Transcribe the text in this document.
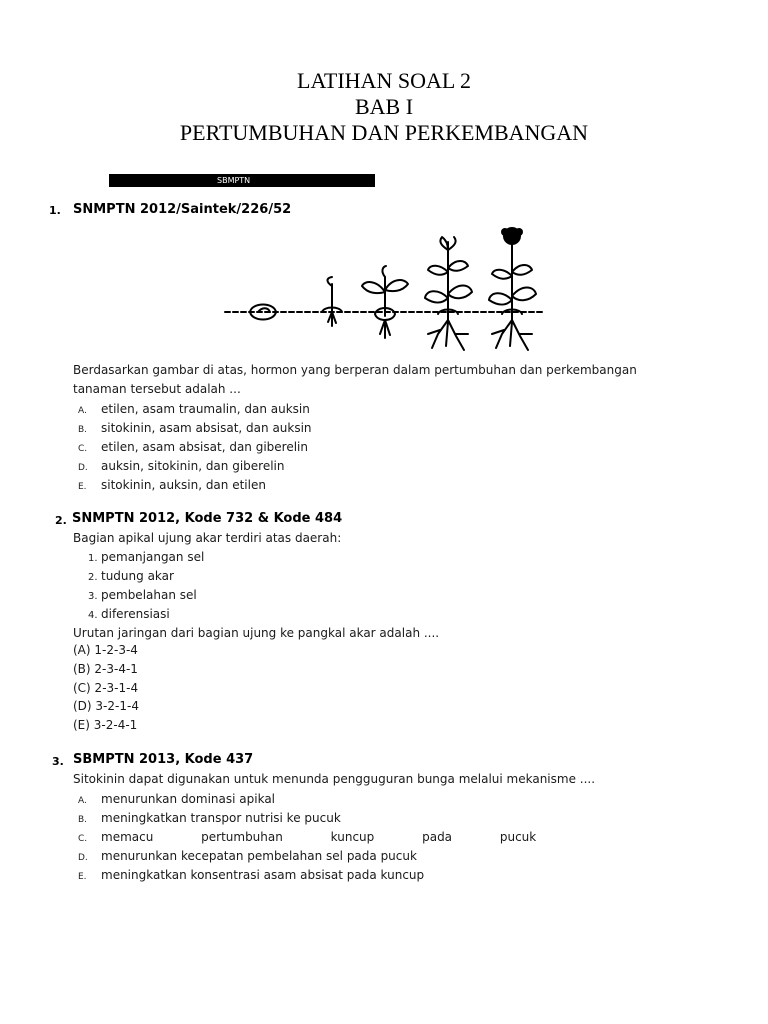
LATIHAN SOAL 2
BAB I
PERTUMBUHAN DAN PERKEMBANGAN
SBMPTN
1. SNMPTN 2012/Saintek/226/52
Berdasarkan gambar di atas, hormon yang berperan dalam pertumbuhan dan perkembangan
tanaman tersebut adalah ...
A. etilen, asam traumalin, dan auksin
B. sitokinin, asam absisat, dan auksin
C. etilen, asam absisat, dan giberelin
D. auksin, sitokinin, dan giberelin
E. sitokinin, auksin, dan etilen
2. SNMPTN 2012, Kode 732 & Kode 484
Bagian apikal ujung akar terdiri atas daerah:
1. pemanjangan sel
2. tudung akar
3. pembelahan sel
4. diferensiasi
Urutan jaringan dari bagian ujung ke pangkal akar adalah ....
(A) 1-2-3-4
(B) 2-3-4-1
(C) 2-3-1-4
(D) 3-2-1-4
(E) 3-2-4-1
3. SBMPTN 2013, Kode 437
Sitokinin dapat digunakan untuk menunda pengguguran bunga melalui mekanisme ....
A. menurunkan dominasi apikal
B. meningkatkan transpor nutrisi ke pucuk
C. memacu pertumbuhan kuncup pada pucuk
D. menurunkan kecepatan pembelahan sel pada pucuk
E. meningkatkan konsentrasi asam absisat pada kuncup
